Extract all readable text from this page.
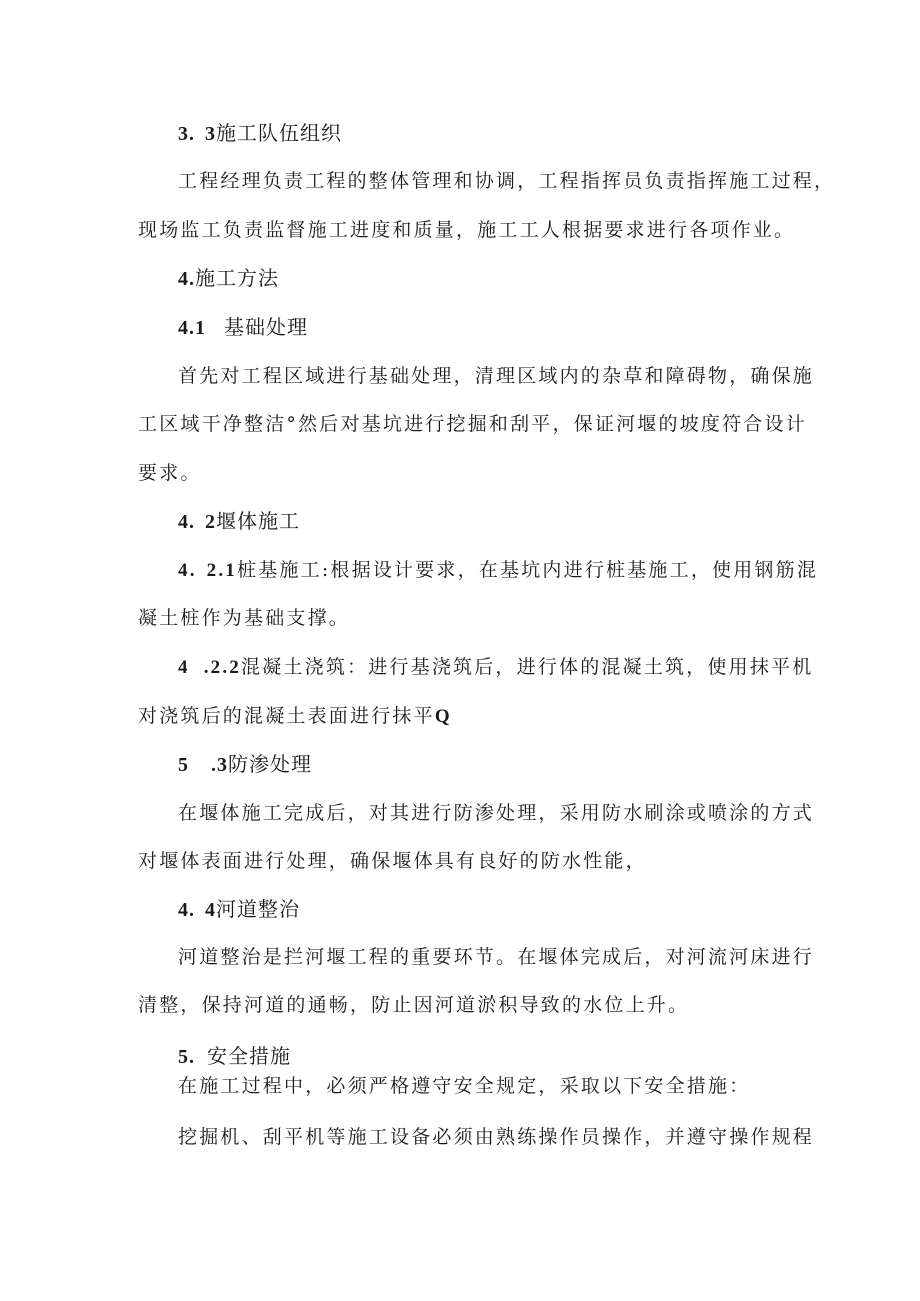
3. 3施工队伍组织
工程经理负责工程的整体管理和协调，工程指挥员负责指挥施工过程，
现场监工负责监督施工进度和质量，施工工人根据要求进行各项作业。
4.施工方法
4.1 基础处理
首先对工程区域进行基础处理，清理区域内的杂草和障碍物，确保施
工区域干净整洁°然后对基坑进行挖掘和刮平，保证河堰的坡度符合设计
要求。
4. 2堰体施工
4. 2.1桩基施工:根据设计要求，在基坑内进行桩基施工，使用钢筋混
凝土桩作为基础支撑。
4 .2.2混凝土浇筑：进行基浇筑后，进行体的混凝土筑，使用抹平机
对浇筑后的混凝土表面进行抹平Q
5 .3防渗处理
在堰体施工完成后，对其进行防渗处理，采用防水刷涂或喷涂的方式
对堰体表面进行处理，确保堰体具有良好的防水性能，
4. 4河道整治
河道整治是拦河堰工程的重要环节。在堰体完成后，对河流河床进行
清整，保持河道的通畅，防止因河道淤积导致的水位上升。
5. 安全措施
在施工过程中，必须严格遵守安全规定，采取以下安全措施：
挖掘机、刮平机等施工设备必须由熟练操作员操作，并遵守操作规程
